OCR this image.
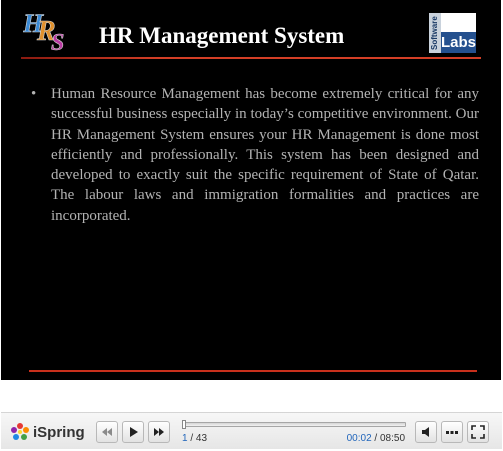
H
R
S HR Management System	Software Labs
• Human Resource Management has become extremely critical for any successful business especially in today’s competitive environment. Our HR Management System ensures your HR Management is done most efficiently and professionally. This system has been designed and developed to exactly suit the specific requirement of State of Qatar. The labour laws and immigration formalities and practices are incorporated.
iSpring	1 / 43	00:02 / 08:50
